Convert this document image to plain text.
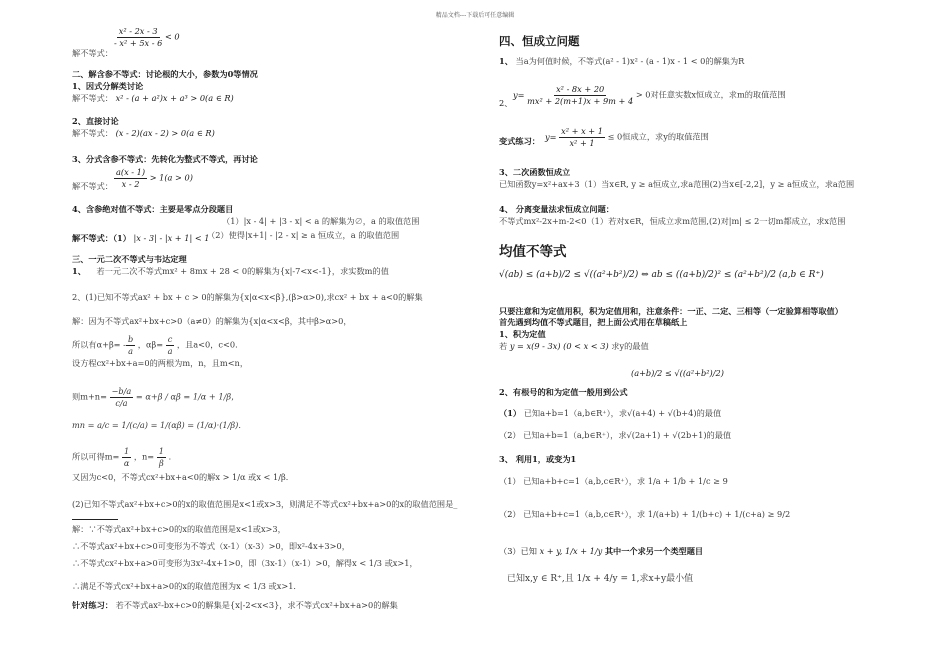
精品文档---下载后可任意编辑
$\frac{\text{x² - 2x - 3}}{\text{- x² + 5x - 6}} < 0$
解不等式：
二、解含参不等式：讨论根的大小，参数为0等情况
1、因式分解类讨论
解不等式： x² - (a + a²)x + a³ > 0(a ∈ R)
2、直接讨论
解不等式： (x - 2)(ax - 2) > 0(a ∈ R)
3、分式含参不等式：先转化为整式不等式，再讨论
$\frac{a(x - 1)}{x - 2} > 1(a > 0)$
解不等式：
4、含参绝对值不等式：主要是零点分段题目
（1）|x - 4| + |3 - x| < a 的解集为∅，a 的取值范围
解不等式：（1） |x - 3| - |x + 1| < 1
（2）使得|x+1| - |2 - x| ≥ a 恒成立，a 的取值范围
三、一元二次不等式与韦达定理
1、 若一元二次不等式mx² + 8mx + 28 < 0的解集为{x|-7<x<-1}，求实数m的值
2、(1)已知不等式ax² + bx + c > 0的解集为{x|α<x<β},(β>α>0),求cx² + bx + a<0的解集
解：因为不等式ax²+bx+c>0（a≠0）的解集为{x|α<x<β，其中β>α>0，
所以有$\alpha+\beta= - \frac{b}{a}$ ，$\alpha\beta= \frac{c}{a}$ ，且a<0，c<0．
设方程cx²+bx+a=0的两根为m，n，且m<n，
则$m+n= \frac{-b/a}{c/a} = \alpha+\beta / \alpha\beta = 1/\alpha + 1/\beta$，
mn = a/c = 1/(c/a) = 1/(αβ) = (1/α)·(1/β)．
所以可得$m= \frac{1}{\alpha}$ ，$n= \frac{1}{\beta}$ ．
又因为c<0，不等式cx²+bx+a<0的解x > 1/α 或x < 1/β．
(2)已知不等式ax²+bx+c>0的x的取值范围是x<1或x>3，则满足不等式cx²+bx+a>0的x的取值范围是_
解：∵不等式ax²+bx+c>0的x的取值范围是x<1或x>3，
∴不等式ax²+bx+c>0可变形为不等式（x-1）（x-3）>0，即x²-4x+3>0，
∴不等式cx²+bx+a>0可变形为3x²-4x+1>0，即（3x-1）（x-1）>0，解得x < 1/3 或x>1，
∴满足不等式cx²+bx+a>0的x的取值范围为x < 1/3 或x>1．
针对练习： 若不等式ax²-bx+c>0的解集是{x|-2<x<3}，求不等式cx²+bx+a>0的解集
四、恒成立问题
1、 当a为何值时候，不等式(a² - 1)x² - (a - 1)x - 1 < 0的解集为R
2、
$y= \frac{\text{x² - 8x + 20}}{\text{mx² + 2(m+1)x + 9m + 4}} > 0$对任意实数x恒成立，求m的取值范围
变式练习： $y= \frac{\text{x² + x + 1}}{\text{x² + 1}} \le 0$恒成立，求y的取值范围
3、二次函数恒成立
已知函数y=x²+ax+3（1）当x∈R, y ≥ a恒成立,求a范围(2)当x∈[-2,2]，y ≥ a恒成立，求a范围
4、 分离变量法求恒成立问题：
不等式mx²-2x+m-2<0（1）若对x∈R，恒成立求m范围,(2)对|m| ≤ 2一切m都成立，求x范围
均值不等式
√(ab) ≤ (a+b)/2 ≤ √((a²+b²)/2) ⇔ ab ≤ ((a+b)/2)² ≤ (a²+b²)/2 (a,b ∈ R⁺)
只要注意和为定值用积，积为定值用和，注意条件：一正、二定、三相等（一定验算相等取值）
首先遇到均值不等式题目，把上面公式用在草稿纸上
1、积为定值
若 y = x(9 - 3x) (0 < x < 3) 求y的最值
(a+b)/2 ≤ √((a²+b²)/2)
2、有根号的和为定值一般用到公式
（1） 已知a+b=1（a,b∈R⁺），求√(a+4) + √(b+4)的最值
（2） 已知a+b=1（a,b∈R⁺），求√(2a+1) + √(2b+1)的最值
3、 利用1，或变为1
（1） 已知a+b+c=1（a,b,c∈R⁺），求 1/a + 1/b + 1/c ≥ 9
（2） 已知a+b+c=1（a,b,c∈R⁺），求 1/(a+b) + 1/(b+c) + 1/(c+a) ≥ 9/2
（3）已知 x + y, 1/x + 1/y 其中一个求另一个类型题目
已知x,y ∈ R⁺,且 1/x + 4/y = 1,求x+y最小值
